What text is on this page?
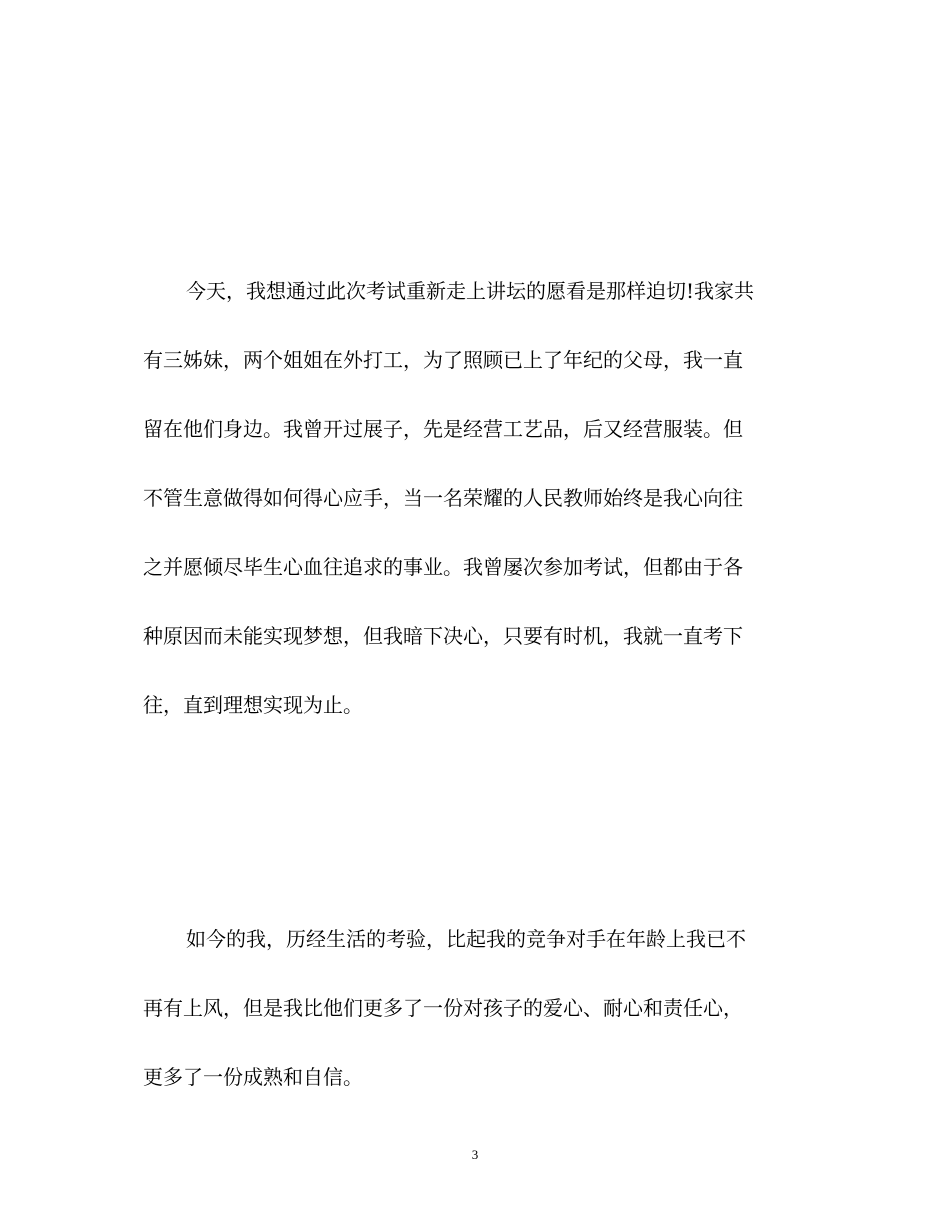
今天，我想通过此次考试重新走上讲坛的愿看是那样迫切!我家共
有三姊妹，两个姐姐在外打工，为了照顾已上了年纪的父母，我一直
留在他们身边。我曾开过展子，先是经营工艺品，后又经营服装。但
不管生意做得如何得心应手，当一名荣耀的人民教师始终是我心向往
之并愿倾尽毕生心血往追求的事业。我曾屡次参加考试，但都由于各
种原因而未能实现梦想，但我暗下决心，只要有时机，我就一直考下
往，直到理想实现为止。
如今的我，历经生活的考验，比起我的竞争对手在年龄上我已不
再有上风，但是我比他们更多了一份对孩子的爱心、耐心和责任心，
更多了一份成熟和自信。
3
